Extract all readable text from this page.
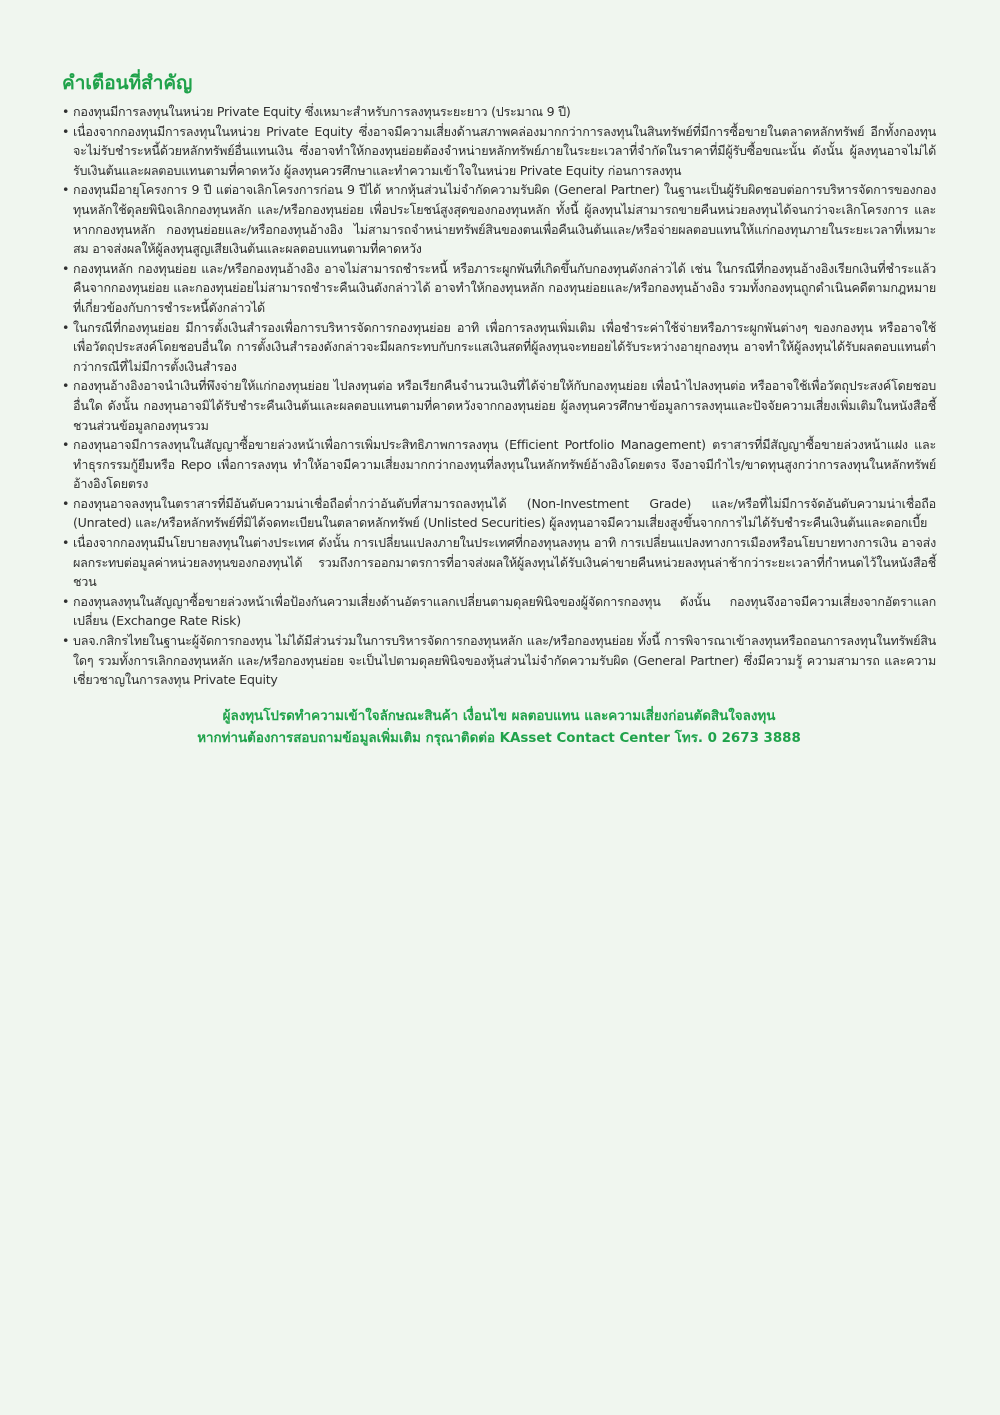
คำเตือนที่สำคัญ
• กองทุนมีการลงทุนในหน่วย Private Equity ซึ่งเหมาะสำหรับการลงทุนระยะยาว (ประมาณ 9 ปี)
• เนื่องจากกองทุนมีการลงทุนในหน่วย Private Equity ซึ่งอาจมีความเสี่ยงด้านสภาพคล่องมากกว่าการลงทุนในสินทรัพย์ที่มีการซื้อขายในตลาดหลักทรัพย์ อีกทั้งกองทุนจะไม่รับชำระหนี้ด้วยหลักทรัพย์อื่นแทนเงิน ซึ่งอาจทำให้กองทุนย่อยต้องจำหน่ายหลักทรัพย์ภายในระยะเวลาที่จำกัดในราคาที่มีผู้รับซื้อขณะนั้น ดังนั้น ผู้ลงทุนอาจไม่ได้รับเงินต้นและผลตอบแทนตามที่คาดหวัง ผู้ลงทุนควรศึกษาและทำความเข้าใจในหน่วย Private Equity ก่อนการลงทุน
• กองทุนมีอายุโครงการ 9 ปี แต่อาจเลิกโครงการก่อน 9 ปีได้ หากหุ้นส่วนไม่จำกัดความรับผิด (General Partner) ในฐานะเป็นผู้รับผิดชอบต่อการบริหารจัดการของกองทุนหลักใช้ดุลยพินิจเลิกกองทุนหลัก และ/หรือกองทุนย่อย เพื่อประโยชน์สูงสุดของกองทุนหลัก ทั้งนี้ ผู้ลงทุนไม่สามารถขายคืนหน่วยลงทุนได้จนกว่าจะเลิกโครงการ และหากกองทุนหลัก กองทุนย่อยและ/หรือกองทุนอ้างอิง ไม่สามารถจำหน่ายทรัพย์สินของตนเพื่อคืนเงินต้นและ/หรือจ่ายผลตอบแทนให้แก่กองทุนภายในระยะเวลาที่เหมาะสม อาจส่งผลให้ผู้ลงทุนสูญเสียเงินต้นและผลตอบแทนตามที่คาดหวัง
• กองทุนหลัก กองทุนย่อย และ/หรือกองทุนอ้างอิง อาจไม่สามารถชำระหนี้ หรือภาระผูกพันที่เกิดขึ้นกับกองทุนดังกล่าวได้ เช่น ในกรณีที่กองทุนอ้างอิงเรียกเงินที่ชำระแล้วคืนจากกองทุนย่อย และกองทุนย่อยไม่สามารถชำระคืนเงินดังกล่าวได้ อาจทำให้กองทุนหลัก กองทุนย่อยและ/หรือกองทุนอ้างอิง รวมทั้งกองทุนถูกดำเนินคดีตามกฎหมายที่เกี่ยวข้องกับการชำระหนี้ดังกล่าวได้
• ในกรณีที่กองทุนย่อย มีการตั้งเงินสำรองเพื่อการบริหารจัดการกองทุนย่อย อาทิ เพื่อการลงทุนเพิ่มเติม เพื่อชำระค่าใช้จ่ายหรือภาระผูกพันต่างๆ ของกองทุน หรืออาจใช้เพื่อวัตถุประสงค์โดยชอบอื่นใด การตั้งเงินสำรองดังกล่าวจะมีผลกระทบกับกระแสเงินสดที่ผู้ลงทุนจะทยอยได้รับระหว่างอายุกองทุน อาจทำให้ผู้ลงทุนได้รับผลตอบแทนต่ำกว่ากรณีที่ไม่มีการตั้งเงินสำรอง
• กองทุนอ้างอิงอาจนำเงินที่พึงจ่ายให้แก่กองทุนย่อย ไปลงทุนต่อ หรือเรียกคืนจำนวนเงินที่ได้จ่ายให้กับกองทุนย่อย เพื่อนำไปลงทุนต่อ หรืออาจใช้เพื่อวัตถุประสงค์โดยชอบอื่นใด ดังนั้น กองทุนอาจมิได้รับชำระคืนเงินต้นและผลตอบแทนตามที่คาดหวังจากกองทุนย่อย ผู้ลงทุนควรศึกษาข้อมูลการลงทุนและปัจจัยความเสี่ยงเพิ่มเติมในหนังสือชี้ชวนส่วนข้อมูลกองทุนรวม
• กองทุนอาจมีการลงทุนในสัญญาซื้อขายล่วงหน้าเพื่อการเพิ่มประสิทธิภาพการลงทุน (Efficient Portfolio Management) ตราสารที่มีสัญญาซื้อขายล่วงหน้าแฝง และทำธุรกรรมกู้ยืมหรือ Repo เพื่อการลงทุน ทำให้อาจมีความเสี่ยงมากกว่ากองทุนที่ลงทุนในหลักทรัพย์อ้างอิงโดยตรง จึงอาจมีกำไร/ขาดทุนสูงกว่าการลงทุนในหลักทรัพย์อ้างอิงโดยตรง
• กองทุนอาจลงทุนในตราสารที่มีอันดับความน่าเชื่อถือต่ำกว่าอันดับที่สามารถลงทุนได้ (Non-Investment Grade) และ/หรือที่ไม่มีการจัดอันดับความน่าเชื่อถือ (Unrated) และ/หรือหลักทรัพย์ที่มิได้จดทะเบียนในตลาดหลักทรัพย์ (Unlisted Securities) ผู้ลงทุนอาจมีความเสี่ยงสูงขึ้นจากการไม่ได้รับชำระคืนเงินต้นและดอกเบี้ย
• เนื่องจากกองทุนมีนโยบายลงทุนในต่างประเทศ ดังนั้น การเปลี่ยนแปลงภายในประเทศที่กองทุนลงทุน อาทิ การเปลี่ยนแปลงทางการเมืองหรือนโยบายทางการเงิน อาจส่งผลกระทบต่อมูลค่าหน่วยลงทุนของกองทุนได้ รวมถึงการออกมาตรการที่อาจส่งผลให้ผู้ลงทุนได้รับเงินค่าขายคืนหน่วยลงทุนล่าช้ากว่าระยะเวลาที่กำหนดไว้ในหนังสือชี้ชวน
• กองทุนลงทุนในสัญญาซื้อขายล่วงหน้าเพื่อป้องกันความเสี่ยงด้านอัตราแลกเปลี่ยนตามดุลยพินิจของผู้จัดการกองทุน ดังนั้น กองทุนจึงอาจมีความเสี่ยงจากอัตราแลกเปลี่ยน (Exchange Rate Risk)
• บลจ.กสิกรไทยในฐานะผู้จัดการกองทุน ไม่ได้มีส่วนร่วมในการบริหารจัดการกองทุนหลัก และ/หรือกองทุนย่อย ทั้งนี้ การพิจารณาเข้าลงทุนหรือถอนการลงทุนในทรัพย์สินใดๆ รวมทั้งการเลิกกองทุนหลัก และ/หรือกองทุนย่อย จะเป็นไปตามดุลยพินิจของหุ้นส่วนไม่จำกัดความรับผิด (General Partner) ซึ่งมีความรู้ ความสามารถ และความเชี่ยวชาญในการลงทุน Private Equity
ผู้ลงทุนโปรดทำความเข้าใจลักษณะสินค้า เงื่อนไข ผลตอบแทน และความเสี่ยงก่อนตัดสินใจลงทุน
หากท่านต้องการสอบถามข้อมูลเพิ่มเติม กรุณาติดต่อ KAsset Contact Center โทร. 0 2673 3888
